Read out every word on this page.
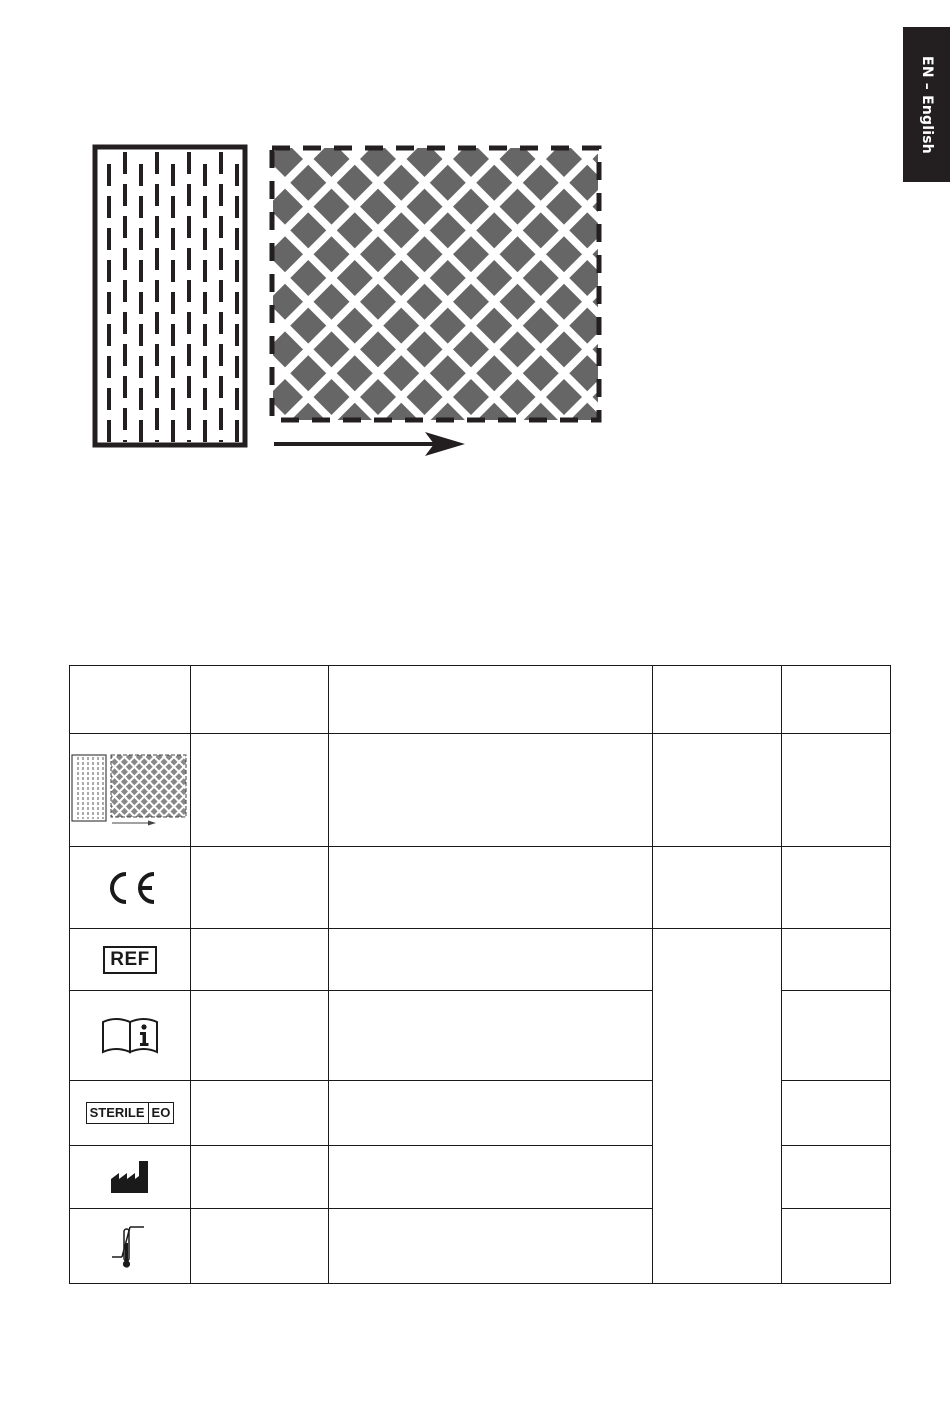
EN – English

REF				

STERILE EO				
